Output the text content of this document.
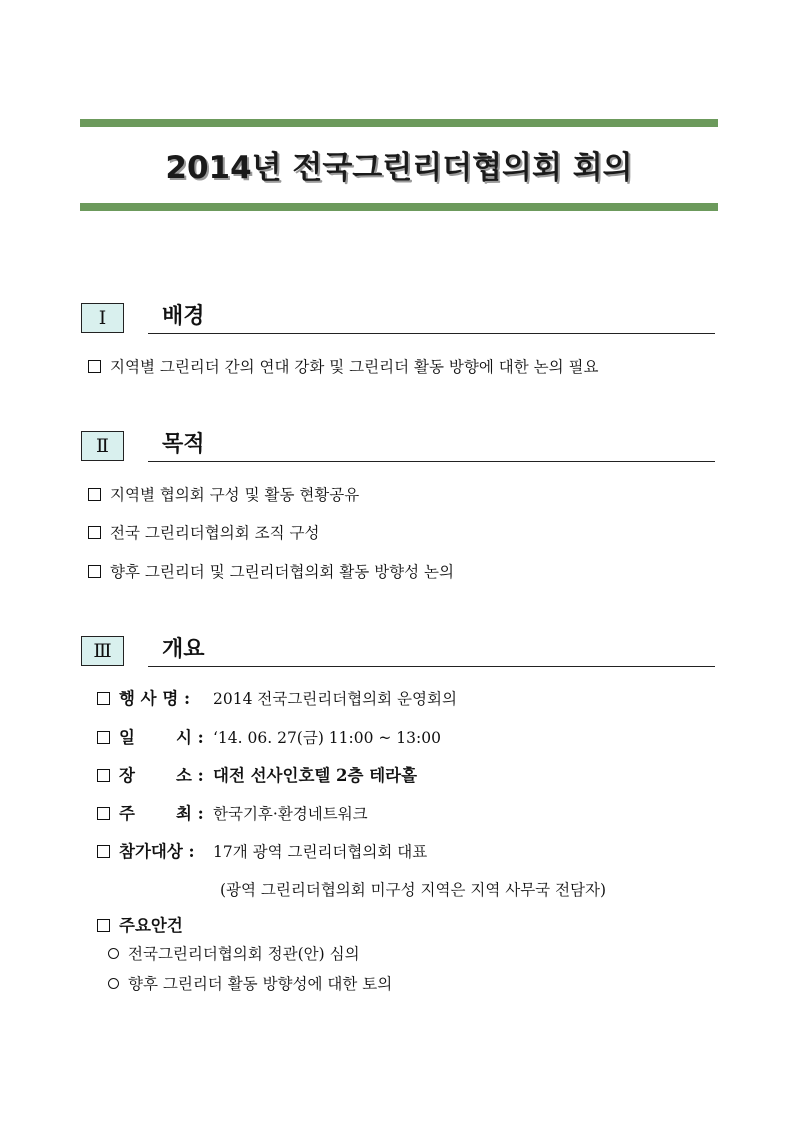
2014년 전국그린리더협의회 회의
Ⅰ	배경
지역별 그린리더 간의 연대 강화 및 그린리더 활동 방향에 대한 논의 필요
Ⅱ	목적
지역별 협의회 구성 및 활동 현황공유
전국 그린리더협의회 조직 구성
향후 그린리더 및 그린리더협의회 활동 방향성 논의
Ⅲ	개요
행 사 명 : 2014 전국그린리더협의회 운영회의
일 시 : ‘14. 06. 27(금) 11:00 ~ 13:00
장 소 : 대전 선사인호텔 2층 테라홀
주 최 : 한국기후·환경네트워크
참가대상 : 17개 광역 그린리더협의회 대표
(광역 그린리더협의회 미구성 지역은 지역 사무국 전담자)
주요안건
전국그린리더협의회 정관(안) 심의
향후 그린리더 활동 방향성에 대한 토의
